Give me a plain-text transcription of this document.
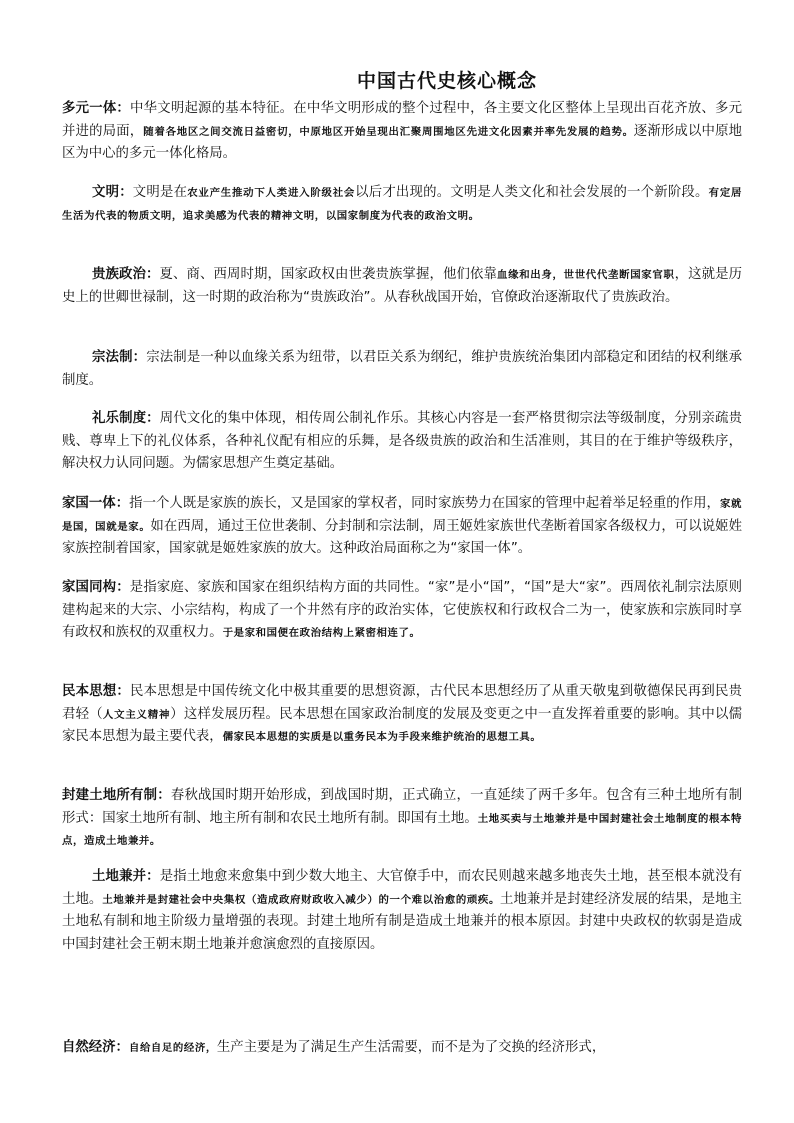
中国古代史核心概念
多元一体：中华文明起源的基本特征。在中华文明形成的整个过程中，各主要文化区整体上呈现出百花齐放、多元并进的局面，随着各地区之间交流日益密切，中原地区开始呈现出汇聚周围地区先进文化因素并率先发展的趋势。逐渐形成以中原地区为中心的多元一体化格局。
文明：文明是在农业产生推动下人类进入阶级社会以后才出现的。文明是人类文化和社会发展的一个新阶段。有定居生活为代表的物质文明，追求美感为代表的精神文明，以国家制度为代表的政治文明。
贵族政治：夏、商、西周时期，国家政权由世袭贵族掌握，他们依靠血缘和出身，世世代代垄断国家官职，这就是历史上的世卿世禄制，这一时期的政治称为“贵族政治”。从春秋战国开始，官僚政治逐渐取代了贵族政治。
宗法制：宗法制是一种以血缘关系为纽带，以君臣关系为纲纪，维护贵族统治集团内部稳定和团结的权利继承制度。
礼乐制度：周代文化的集中体现，相传周公制礼作乐。其核心内容是一套严格贯彻宗法等级制度，分别亲疏贵贱、尊卑上下的礼仪体系，各种礼仪配有相应的乐舞，是各级贵族的政治和生活准则，其目的在于维护等级秩序，解决权力认同问题。为儒家思想产生奠定基础。
家国一体：指一个人既是家族的族长，又是国家的掌权者，同时家族势力在国家的管理中起着举足轻重的作用，家就是国，国就是家。如在西周，通过王位世袭制、分封制和宗法制，周王姬姓家族世代垄断着国家各级权力，可以说姬姓家族控制着国家，国家就是姬姓家族的放大。这种政治局面称之为“家国一体”。
家国同构：是指家庭、家族和国家在组织结构方面的共同性。“家”是小“国”，“国”是大“家”。西周依礼制宗法原则建构起来的大宗、小宗结构，构成了一个井然有序的政治实体，它使族权和行政权合二为一，使家族和宗族同时享有政权和族权的双重权力。于是家和国便在政治结构上紧密相连了。
民本思想：民本思想是中国传统文化中极其重要的思想资源，古代民本思想经历了从重天敬鬼到敬德保民再到民贵君轻（人文主义精神）这样发展历程。民本思想在国家政治制度的发展及变更之中一直发挥着重要的影响。其中以儒家民本思想为最主要代表，儒家民本思想的实质是以重务民本为手段来维护统治的思想工具。
封建土地所有制：春秋战国时期开始形成，到战国时期，正式确立，一直延续了两千多年。包含有三种土地所有制形式：国家土地所有制、地主所有制和农民土地所有制。即国有土地。土地买卖与土地兼并是中国封建社会土地制度的根本特点，造成土地兼并。
土地兼并：是指土地愈来愈集中到少数大地主、大官僚手中，而农民则越来越多地丧失土地，甚至根本就没有土地。土地兼并是封建社会中央集权（造成政府财政收入减少）的一个难以治愈的顽疾。土地兼并是封建经济发展的结果，是地主土地私有制和地主阶级力量增强的表现。封建土地所有制是造成土地兼并的根本原因。封建中央政权的软弱是造成中国封建社会王朝末期土地兼并愈演愈烈的直接原因。
自然经济：自给自足的经济，生产主要是为了满足生产生活需要，而不是为了交换的经济形式，
